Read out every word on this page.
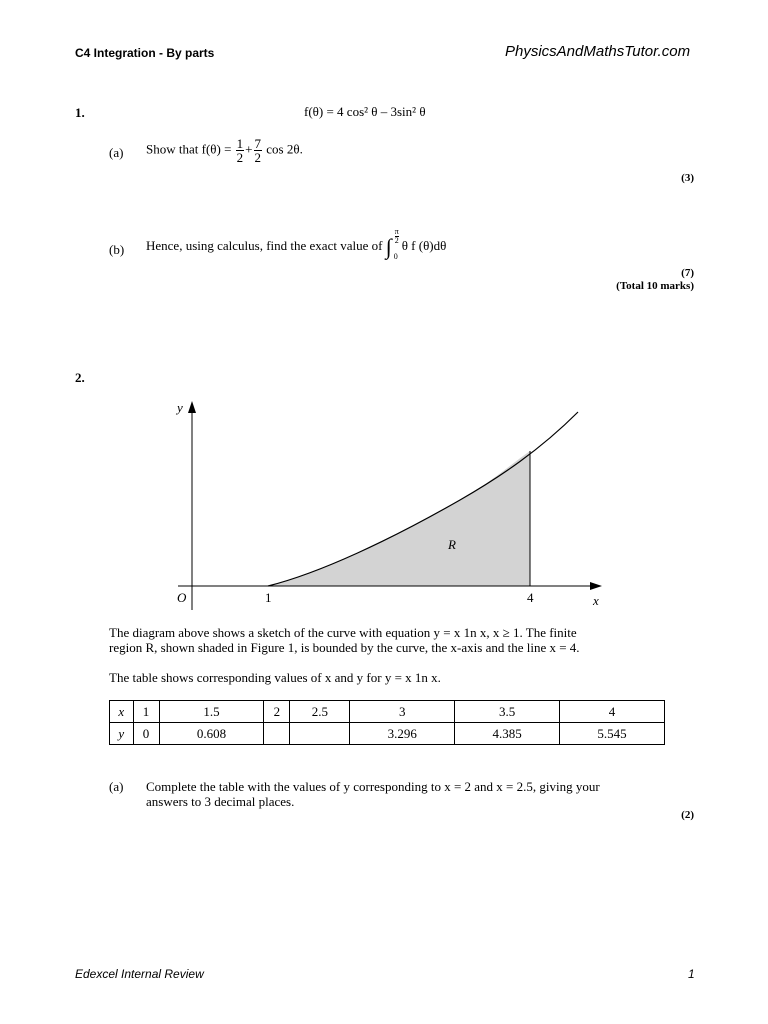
C4 Integration - By parts	PhysicsAndMathsTutor.com
1.	f(θ) = 4 cos² θ – 3sin² θ
(a) Show that $f(\theta) = \frac{1}{2} + \frac{7}{2}$ cos 2θ.
(3)
(b) Hence, using calculus, find the exact value of ∫
π
2
0
θ f (θ)dθ
(7)
(Total 10 marks)
2.
y
x
O	1	4
R
The diagram above shows a sketch of the curve with equation y = x 1n x, x ≥ 1. The finite
region R, shown shaded in Figure 1, is bounded by the curve, the x-axis and the line x = 4.
The table shows corresponding values of x and y for y = x 1n x.
x	1	1.5	2	2.5	3	3.5	4
y	0	0.608			3.296	4.385	5.545
(a) Complete the table with the values of y corresponding to x = 2 and x = 2.5, giving your
answers to 3 decimal places.
(2)
Edexcel Internal Review	1
